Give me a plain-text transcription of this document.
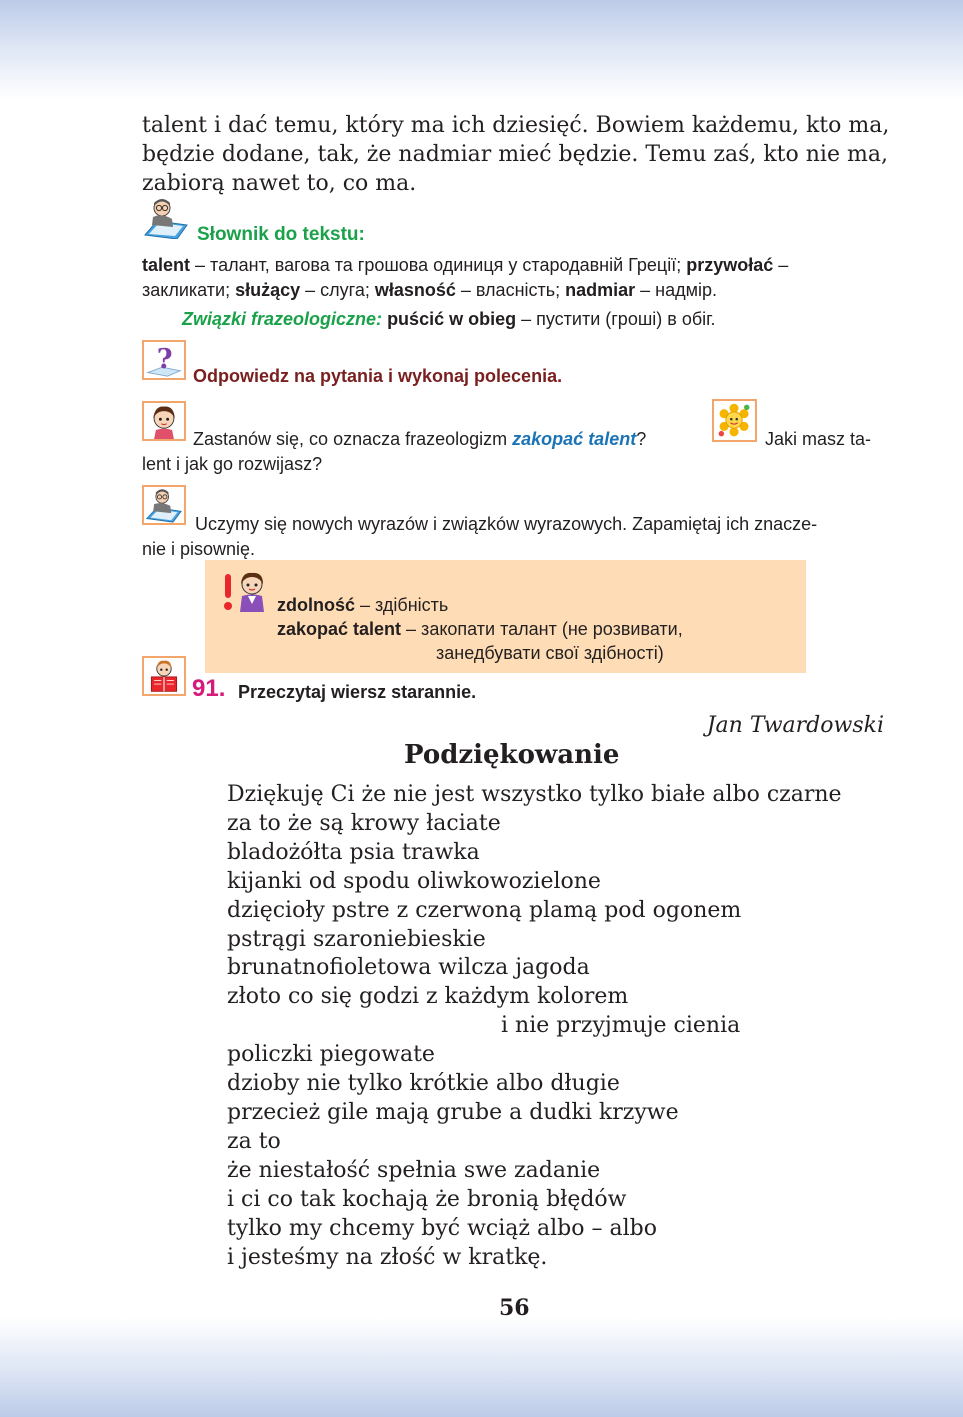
talent i dać temu, który ma ich dziesięć. Bowiem każdemu, kto ma,
będzie dodane, tak, że nadmiar mieć będzie. Temu zaś, kto nie ma,
zabiorą nawet to, co ma.
Słownik do tekstu:
talent – талант, вагова та грошова одиниця у стародавній Греції; przywołać –
закликати; służący – слуга; własność – власність; nadmiar – надмір.
Związki frazeologiczne: puścić w obieg – пустити (гроші) в обіг.
?
Odpowiedz na pytania i wykonaj polecenia.
Zastanów się, co oznacza frazeologizm zakopać talent?	Jaki masz ta-
lent i jak go rozwijasz?
Uczymy się nowych wyrazów i związków wyrazowych. Zapamiętaj ich znacze-
nie i pisownię.
zdolność – здібність
zakopać talent – закопати талант (не розвивати,
занедбувати свої здібності)
91. Przeczytaj wiersz starannie.
Jan Twardowski
Podziękowanie
Dziękuję Ci że nie jest wszystko tylko białe albo czarne
za to że są krowy łaciate
bladożółta psia trawka
kijanki od spodu oliwkowozielone
dzięcioły pstre z czerwoną plamą pod ogonem
pstrągi szaroniebieskie
brunatnofioletowa wilcza jagoda
złoto co się godzi z każdym kolorem
i nie przyjmuje cienia
policzki piegowate
dzioby nie tylko krótkie albo długie
przecież gile mają grube a dudki krzywe
za to
że niestałość spełnia swe zadanie
i ci co tak kochają że bronią błędów
tylko my chcemy być wciąż albo – albo
i jesteśmy na złość w kratkę.
56
